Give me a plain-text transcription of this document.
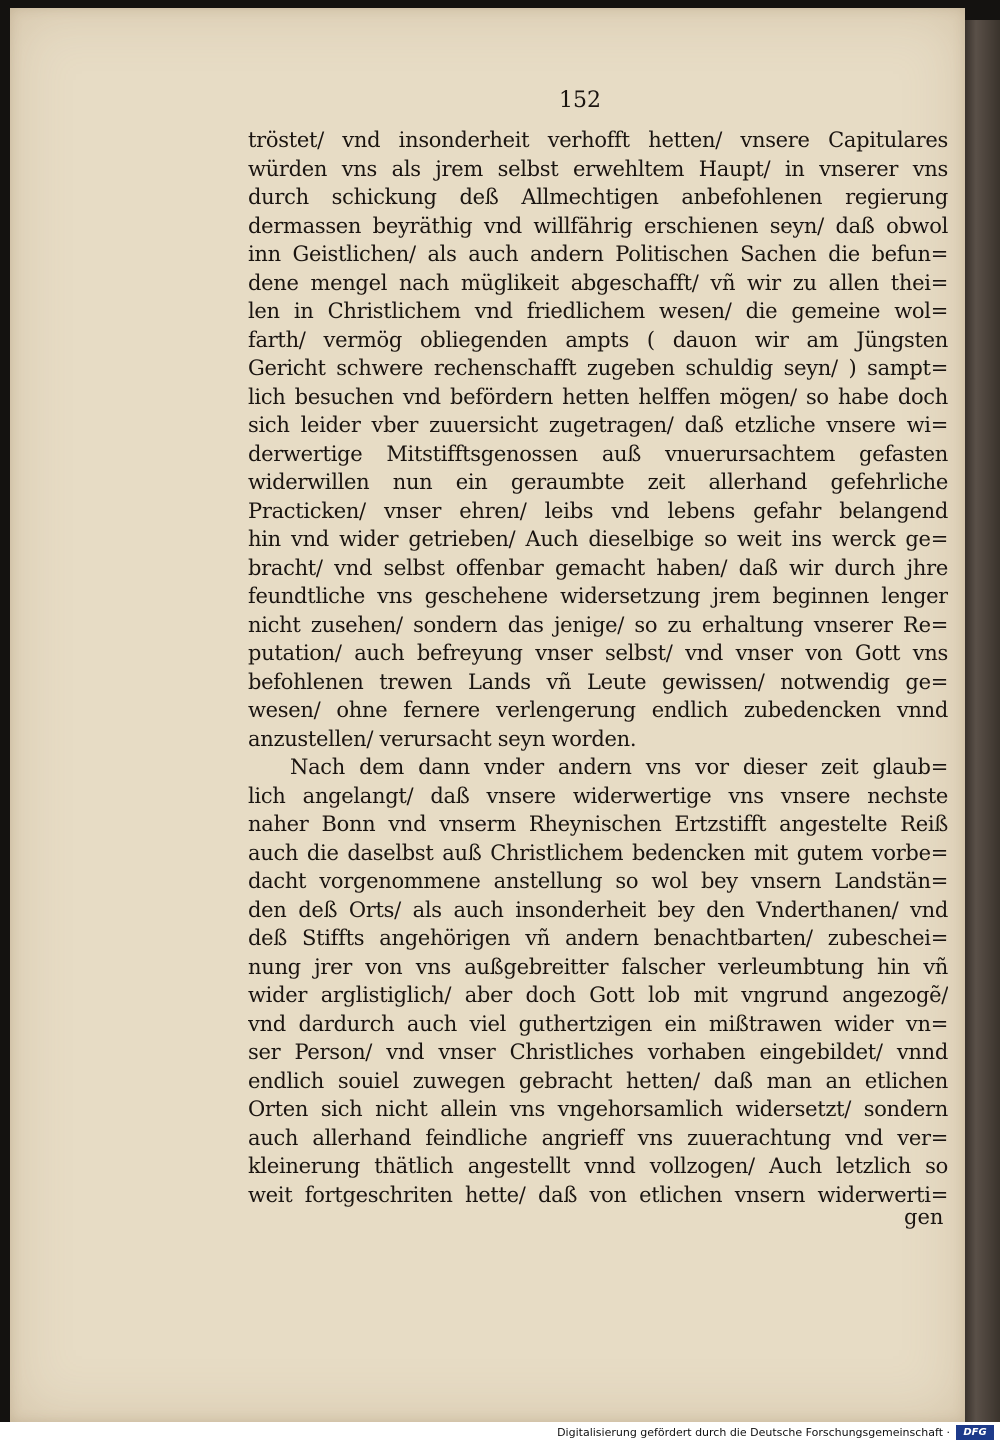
152
tröstet/ vnd insonderheit verhofft hetten/ vnsere Capitulares
würden vns als jrem selbst erwehltem Haupt/ in vnserer vns
durch schickung deß Allmechtigen anbefohlenen regierung
dermassen beyräthig vnd willfährig erschienen seyn/ daß obwol
inn Geistlichen/ als auch andern Politischen Sachen die befun=
dene mengel nach müglikeit abgeschafft/ vñ wir zu allen thei=
len in Christlichem vnd friedlichem wesen/ die gemeine wol=
farth/ vermög obliegenden ampts ( dauon wir am Jüngsten
Gericht schwere rechenschafft zugeben schuldig seyn/ ) sampt=
lich besuchen vnd befördern hetten helffen mögen/ so habe doch
sich leider vber zuuersicht zugetragen/ daß etzliche vnsere wi=
derwertige Mitstifftsgenossen auß vnuerursachtem gefasten
widerwillen nun ein geraumbte zeit allerhand gefehrliche
Practicken/ vnser ehren/ leibs vnd lebens gefahr belangend
hin vnd wider getrieben/ Auch dieselbige so weit ins werck ge=
bracht/ vnd selbst offenbar gemacht haben/ daß wir durch jhre
feundtliche vns geschehene widersetzung jrem beginnen lenger
nicht zusehen/ sondern das jenige/ so zu erhaltung vnserer Re=
putation/ auch befreyung vnser selbst/ vnd vnser von Gott vns
befohlenen trewen Lands vñ Leute gewissen/ notwendig ge=
wesen/ ohne fernere verlengerung endlich zubedencken vnnd
anzustellen/ verursacht seyn worden.
Nach dem dann vnder andern vns vor dieser zeit glaub=
lich angelangt/ daß vnsere widerwertige vns vnsere nechste
naher Bonn vnd vnserm Rheynischen Ertzstifft angestelte Reiß
auch die daselbst auß Christlichem bedencken mit gutem vorbe=
dacht vorgenommene anstellung so wol bey vnsern Landstän=
den deß Orts/ als auch insonderheit bey den Vnderthanen/ vnd
deß Stiffts angehörigen vñ andern benachtbarten/ zubeschei=
nung jrer von vns außgebreitter falscher verleumbtung hin vñ
wider arglistiglich/ aber doch Gott lob mit vngrund angezogẽ/
vnd dardurch auch viel guthertzigen ein mißtrawen wider vn=
ser Person/ vnd vnser Christliches vorhaben eingebildet/ vnnd
endlich souiel zuwegen gebracht hetten/ daß man an etlichen
Orten sich nicht allein vns vngehorsamlich widersetzt/ sondern
auch allerhand feindliche angrieff vns zuuerachtung vnd ver=
kleinerung thätlich angestellt vnnd vollzogen/ Auch letzlich so
weit fortgeschriten hette/ daß von etlichen vnsern widerwerti=
gen
Digitalisierung gefördert durch die Deutsche Forschungsgemeinschaft ·	DFG
